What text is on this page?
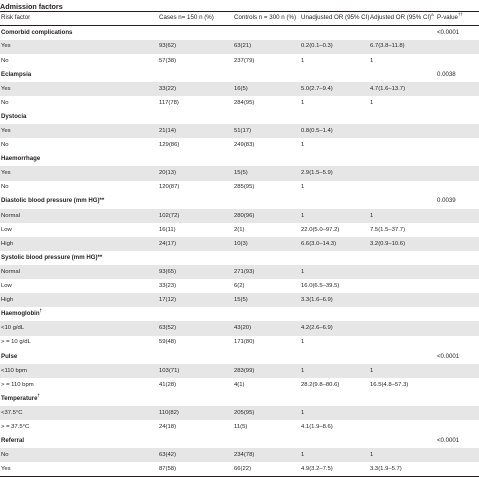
Admission factors
Risk factor	Cases n= 150 n (%)	Controls n = 300 n (%)	Unadjusted OR (95% CI)	Adjusted OR (95% CI)$^a$	P-value††
Comorbid complications					<0.0001
Yes	93(62)	63(21)	0.2(0.1–0.3)	6.7(3.8–11.8)	
No	57(38)	237(79)	1	1	
Eclampsia					0.0038
Yes	33(22)	16(5)	5.0(2.7–9.4)	4.7(1.6–13.7)	
No	117(78)	284(95)	1	1	
Dystocia					
Yes	21(14)	51(17)	0.8(0.5–1.4)		
No	129(86)	249(83)	1		
Haemorrhage					
Yes	20(13)	15(5)	2.9(1.5–5.9)		
No	120(87)	285(95)	1		
Diastolic blood pressure (mm HG)**					0.0039
Normal	102(72)	280(96)	1	1	
Low	16(11)	2(1)	22.0(5.0–97.2)	7.5(1.5–37.7)	
High	24(17)	10(3)	6.6(3.0–14.3)	3.2(0.9–10.6)	
Systolic blood pressure (mm HG)**					
Normal	93(65)	271(93)	1		
Low	33(23)	6(2)	16.0(6.5–39.5)		
High	17(12)	15(5)	3.3(1.6–6.9)		
Haemoglobin†	
<10 g/dL	63(52)	43(20)	4.2(2.6–6.9)		
> = 10 g/dL	59(48)	171(80)	1		
Pulse					<0.0001
<110 bpm	103(71)	283(99)	1	1	
> = 110 bpm	41(28)	4(1)	28.2(9.8–80.6)	16.5(4.8–57.3)	
Temperature†	
<37.5°C	110(82)	205(95)	1		
> = 37.5°C	24(18)	11(5)	4.1(1.9–8.6)		
Referral					<0.0001
No	63(42)	234(78)	1	1	
Yes	87(58)	66(22)	4.9(3.2–7.5)	3.3(1.9–5.7)	
